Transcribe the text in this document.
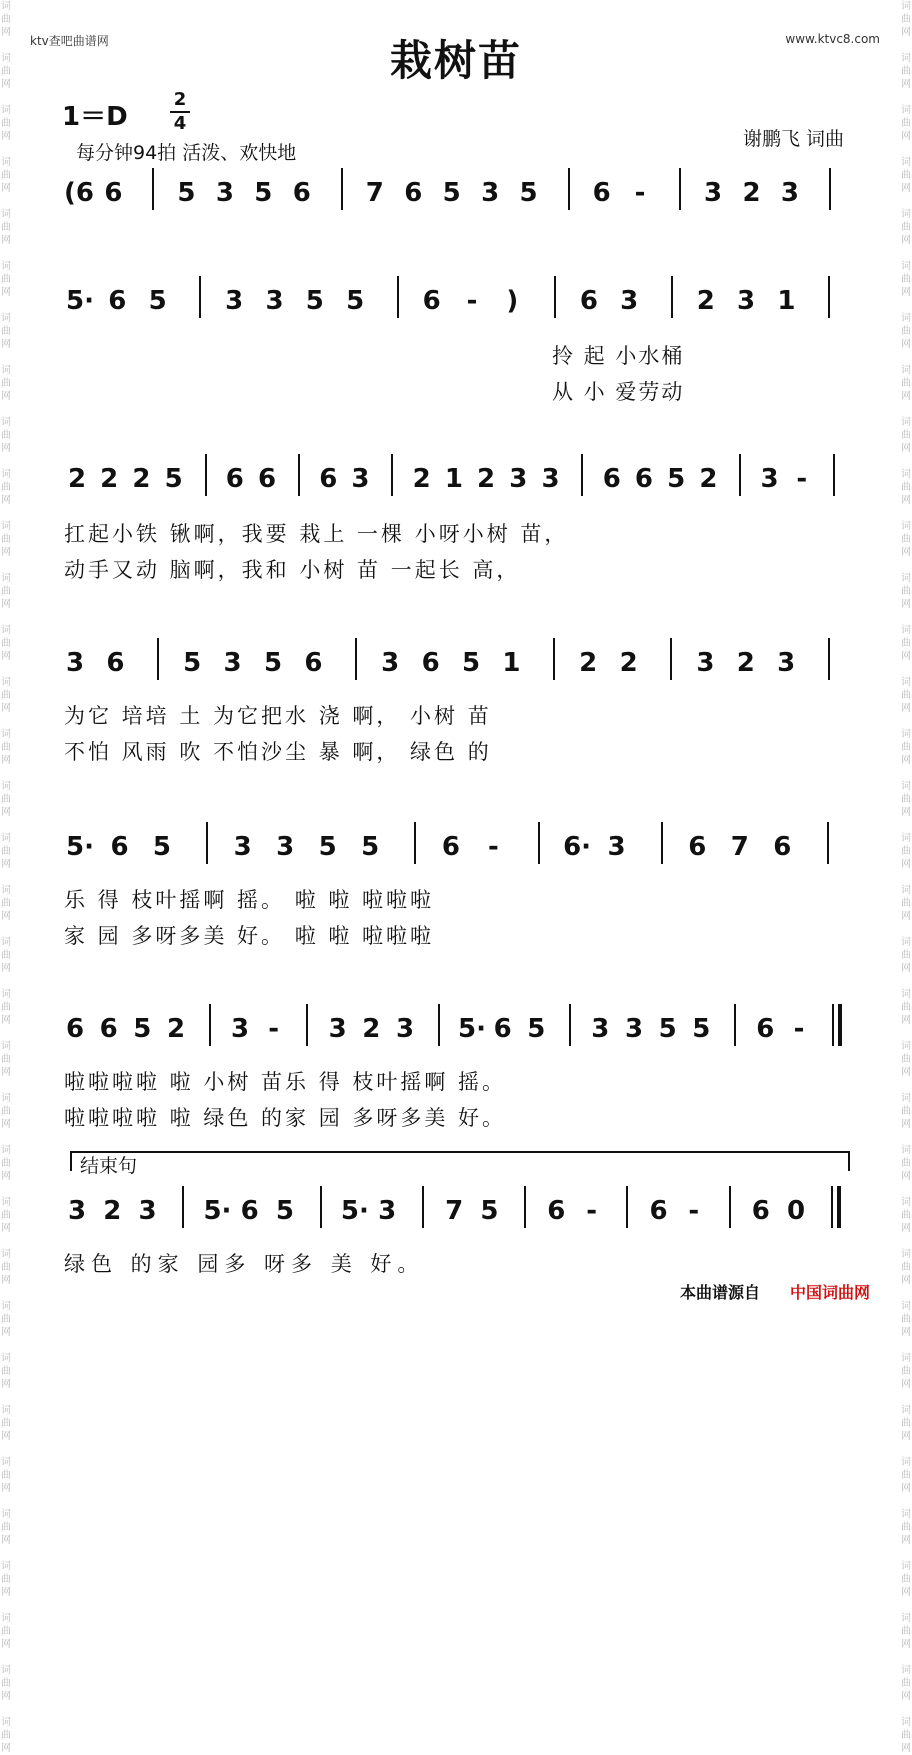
词
曲
网

词
曲
网

词
曲
网

词
曲
网

词
曲
网

词
曲
网

词
曲
网

词
曲
网

词
曲
网

词
曲
网

词
曲
网

词
曲
网

词
曲
网

词
曲
网

词
曲
网

词
曲
网

词
曲
网

词
曲
网

词
曲
网

词
曲
网

词
曲
网

词
曲
网

词
曲
网

词
曲
网

词
曲
网

词
曲
网

词
曲
网

词
曲
网

词
曲
网

词
曲
网

词
曲
网

词
曲
网

词
曲
网

词
曲
网

词
曲
网

词
曲
网

词
曲
网

词
曲
网

词
曲
网

词
曲
网

词
曲
网

词
曲
网

词
曲
网

词
曲
网

词
曲
网

词
曲
网

词
曲
网

词
曲
网

词
曲
网

词
曲
网

词
曲
网

词
曲
网

词
曲
网

词
曲
网

词
曲
网

词
曲
网

词
曲
网

词
曲
网

词
曲
网

词
曲
网

词
曲
网

词
曲
网

词
曲
网

词
曲
网

词
曲
网

词
曲
网

词
曲
网

词
曲
网

ktv查吧曲谱网	www.ktvc8.com
栽树苗
1＝D
2
4
每分钟94拍 活泼、欢快地
谢鹏飞 词曲
(6 6 5 3 5 6 7 6 5 3 5 6 - 3 2 3
5· 6 5 3 3 5 5 6 - ) 6 3 2 3 1
2 2 2 5 6 6 6 3 2 1 2 3 3 6 6 5 2 3 -
3 6 5 3 5 6 3 6 5 1 2 2 3 2 3
5· 6 5 3 3 5 5 6 - 6· 3 6 7 6
6 6 5 2 3 - 3 2 3 5· 6 5 3 3 5 5 6 -
3 2 3 5· 6 5 5· 3 7 5 6 - 6 - 6 0
拎 起 小水桶
从 小 爱劳动
扛起小铁 锹啊，我要 栽上 一棵 小呀小树 苗，
动手又动 脑啊，我和 小树 苗 一起长 高，
为它 培培 土 为它把水 浇 啊， 小树 苗
不怕 风雨 吹 不怕沙尘 暴 啊， 绿色 的
乐 得 枝叶摇啊 摇。 啦 啦 啦啦啦
家 园 多呀多美 好。 啦 啦 啦啦啦
啦啦啦啦 啦 小树 苗乐 得 枝叶摇啊 摇。
啦啦啦啦 啦 绿色 的家 园 多呀多美 好。
结束句
绿色 的家 园多 呀多 美 好。
本曲谱源自 中国词曲网
